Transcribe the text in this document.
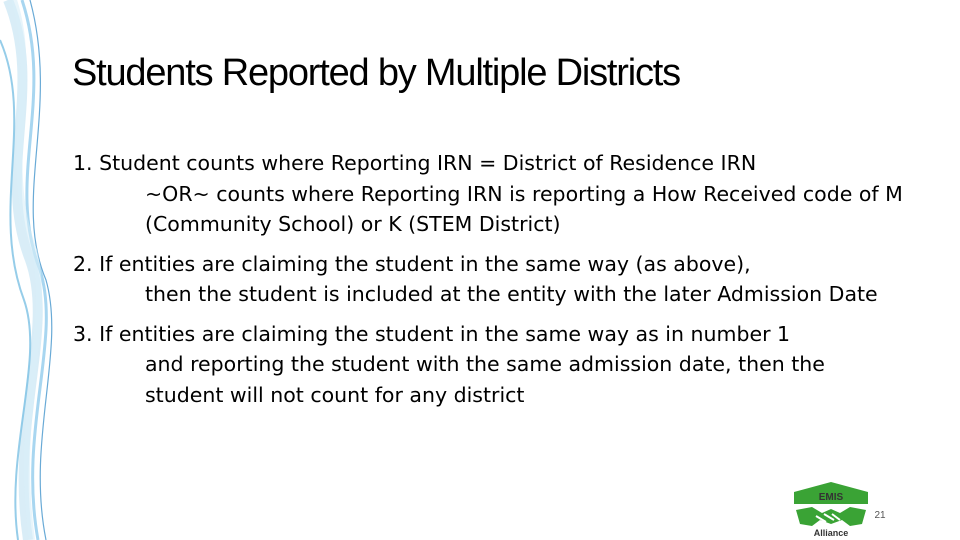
Students Reported by Multiple Districts

1. Student counts where Reporting IRN = District of Residence IRN
~OR~ counts where Reporting IRN is reporting a How Received code of M (Community School) or K (STEM District)

2. If entities are claiming the student in the same way (as above),
then the student is included at the entity with the later Admission Date

3. If entities are claiming the student in the same way as in number 1
and reporting the student with the same admission date, then the student will not count for any district

EMIS
Alliance
21
